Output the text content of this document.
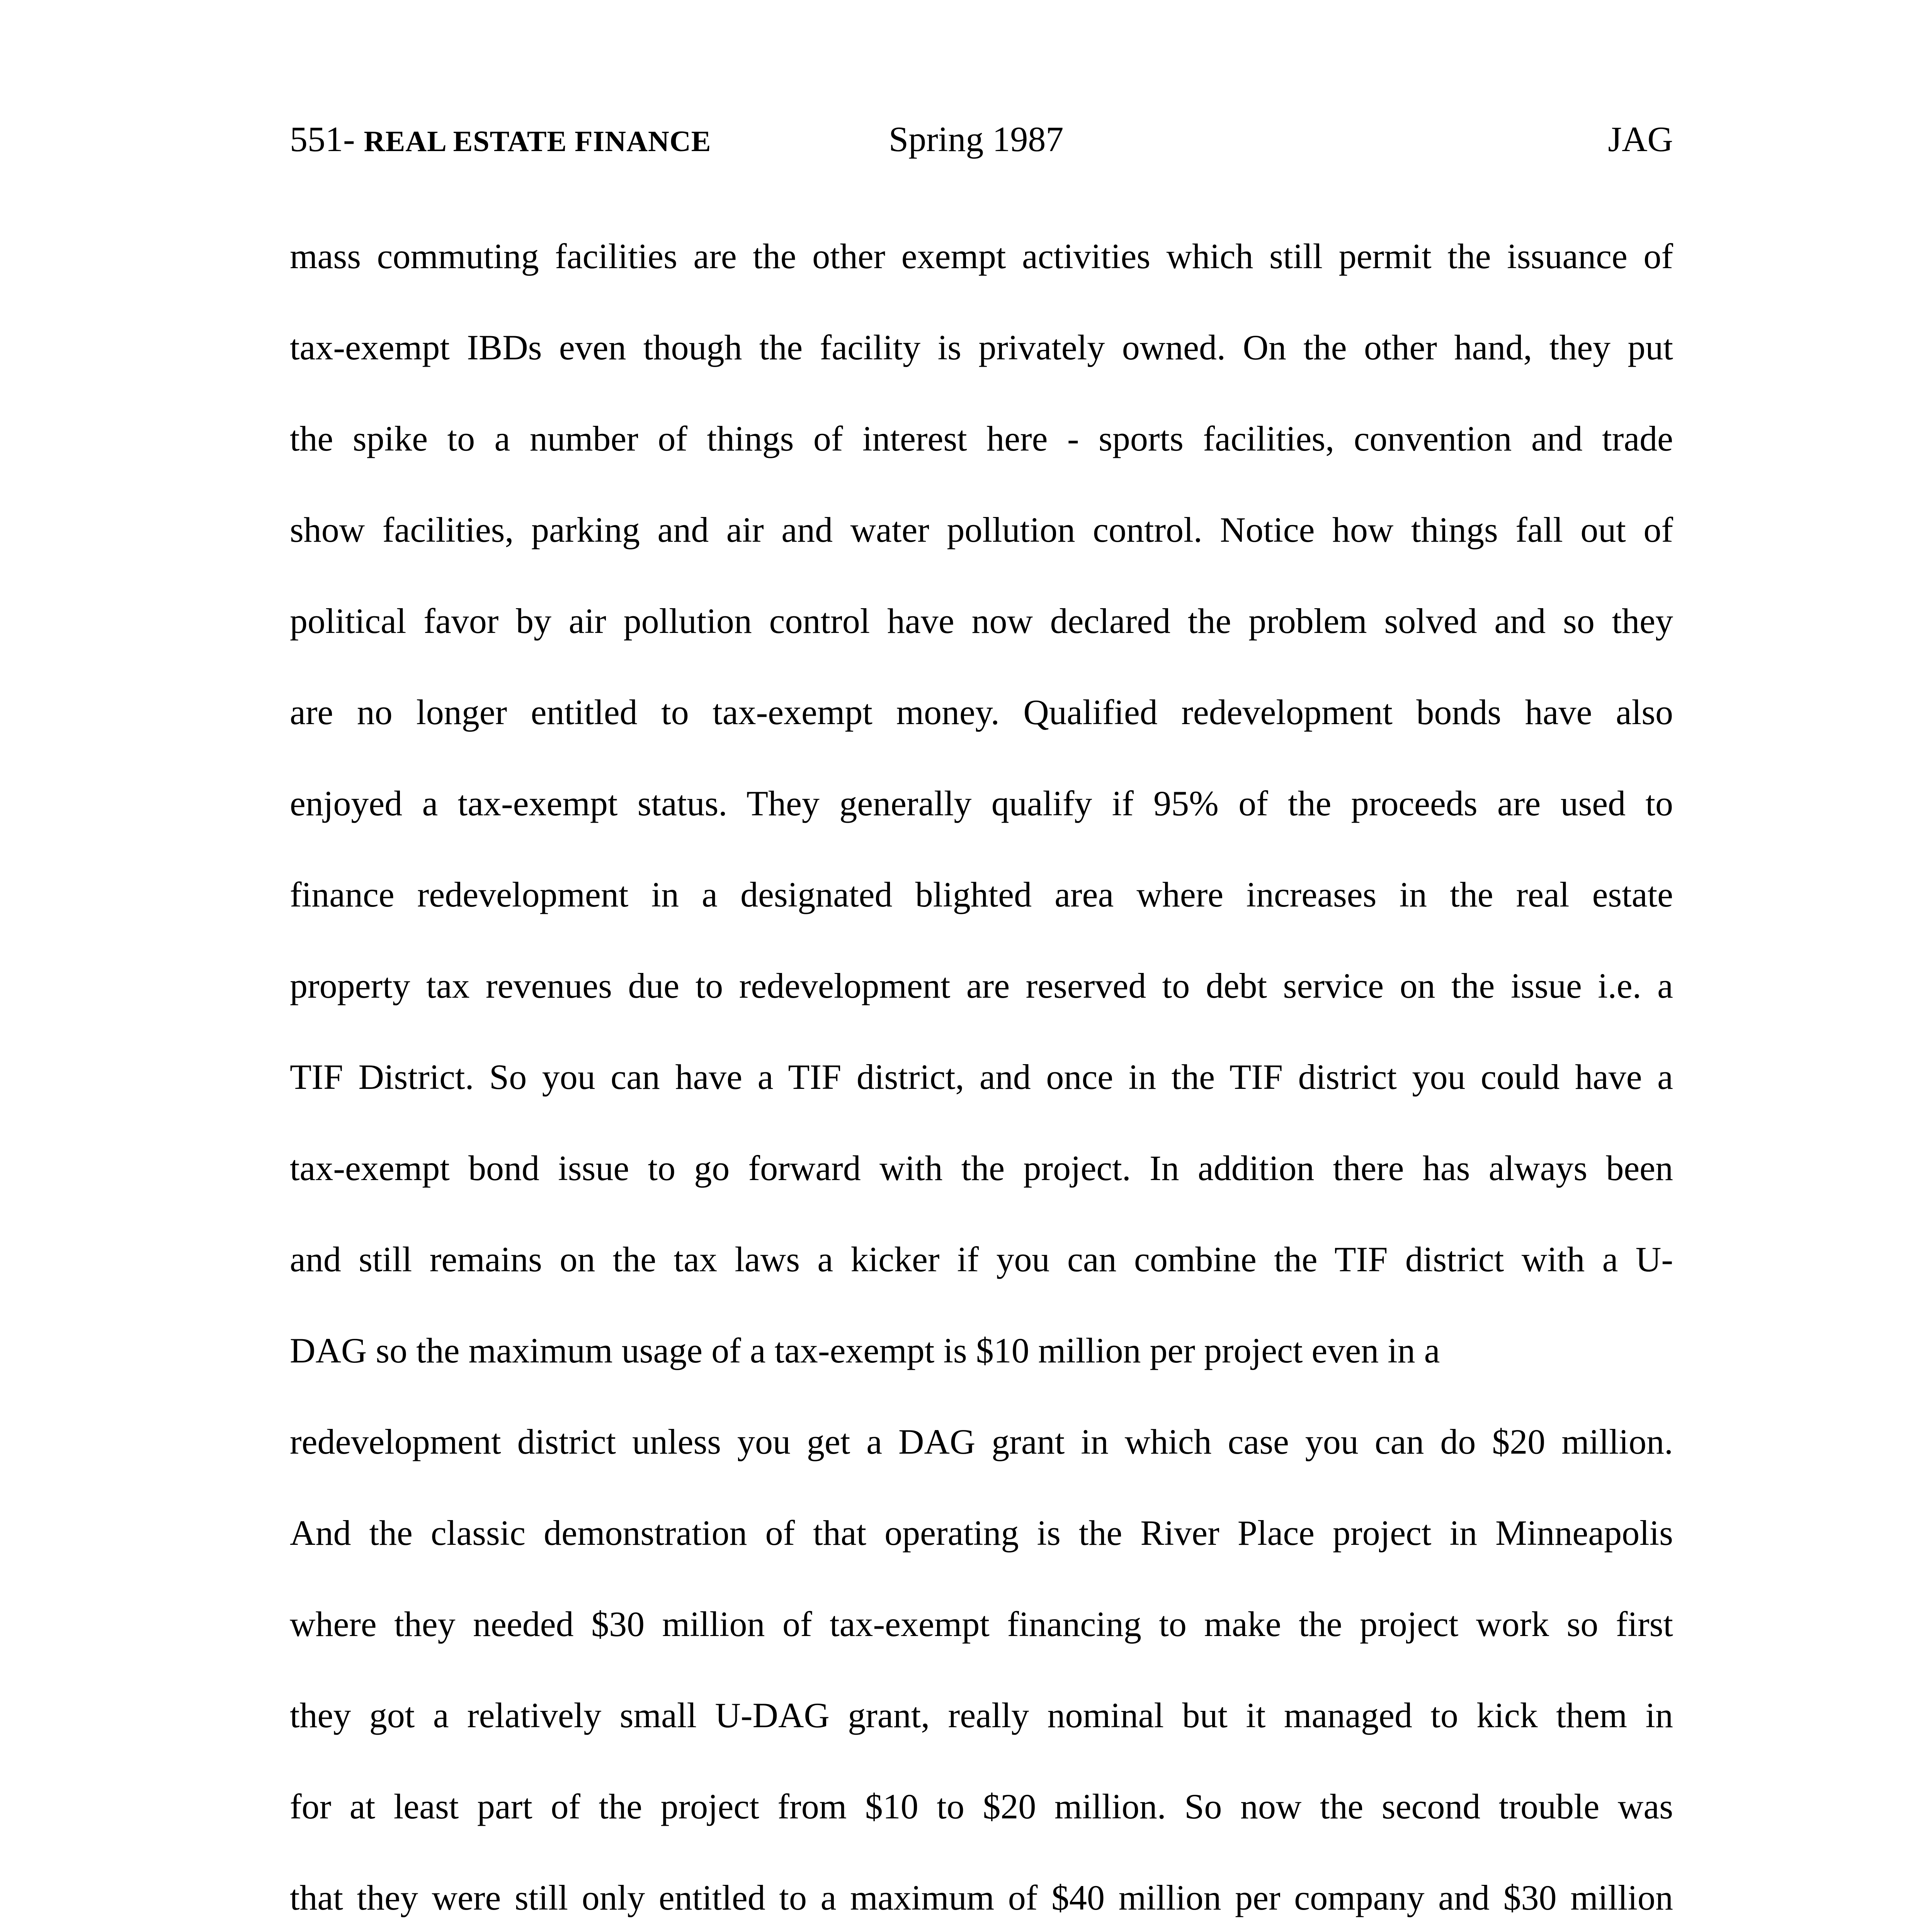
551- REAL ESTATE FINANCE	Spring 1987	JAG
mass commuting facilities are the other exempt activities which still permit the issuance of
tax-exempt IBDs even though the facility is privately owned. On the other hand, they put
the spike to a number of things of interest here - sports facilities, convention and trade
show facilities, parking and air and water pollution control. Notice how things fall out of
political favor by air pollution control have now declared the problem solved and so they
are no longer entitled to tax-exempt money. Qualified redevelopment bonds have also
enjoyed a tax-exempt status. They generally qualify if 95% of the proceeds are used to
finance redevelopment in a designated blighted area where increases in the real estate
property tax revenues due to redevelopment are reserved to debt service on the issue i.e. a
TIF District. So you can have a TIF district, and once in the TIF district you could have a
tax-exempt bond issue to go forward with the project. In addition there has always been
and still remains on the tax laws a kicker if you can combine the TIF district with a U-
DAG so the maximum usage of a tax-exempt is $10 million per project even in a
redevelopment district unless you get a DAG grant in which case you can do $20 million.
And the classic demonstration of that operating is the River Place project in Minneapolis
where they needed $30 million of tax-exempt financing to make the project work so first
they got a relatively small U-DAG grant, really nominal but it managed to kick them in
for at least part of the project from $10 to $20 million. So now the second trouble was
that they were still only entitled to a maximum of $40 million per company and $30 million
